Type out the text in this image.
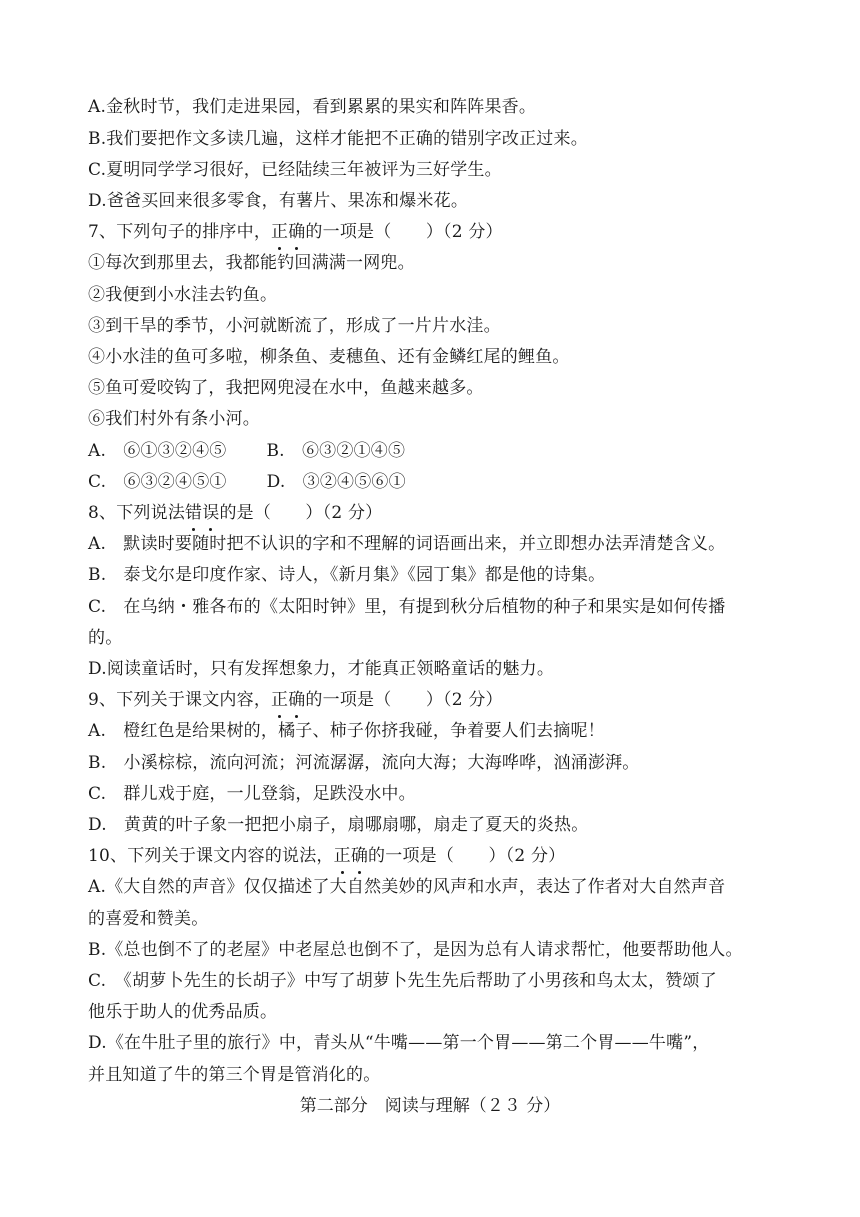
A.金秋时节，我们走进果园，看到累累的果实和阵阵果香。
B.我们要把作文多读几遍，这样才能把不正确的错别字改正过来。
C.夏明同学学习很好，已经陆续三年被评为三好学生。
D.爸爸买回来很多零食，有薯片、果冻和爆米花。
7、下列句子的排序中，正确的一项是（　　）（2 分）
①每次到那里去，我都能钓回满满一网兜。
②我便到小水洼去钓鱼。
③到干旱的季节，小河就断流了，形成了一片片水洼。
④小水洼的鱼可多啦，柳条鱼、麦穗鱼、还有金鳞红尾的鲤鱼。
⑤鱼可爱咬钩了，我把网兜浸在水中，鱼越来越多。
⑥我们村外有条小河。
A.　⑥①③②④⑤　　 B.　⑥③②①④⑤
C.　⑥③②④⑤①　　 D.　③②④⑤⑥①
8、下列说法错误的是（　　）（2 分）
A.　默读时要随时把不认识的字和不理解的词语画出来，并立即想办法弄清楚含义。
B.　泰戈尔是印度作家、诗人，《新月集》《园丁集》都是他的诗集。
C.　在乌纳・雅各布的《太阳时钟》里，有提到秋分后植物的种子和果实是如何传播
的。
D.阅读童话时，只有发挥想象力，才能真正领略童话的魅力。
9、下列关于课文内容，正确的一项是（　　）（2 分）
A.　橙红色是给果树的，橘子、柿子你挤我碰，争着要人们去摘呢！
B.　小溪棕棕，流向河流；河流潺潺，流向大海；大海哗哗，汹涌澎湃。
C.　群儿戏于庭，一儿登翁，足跌没水中。
D.　黄黄的叶子象一把把小扇子，扇哪扇哪，扇走了夏天的炎热。
10、下列关于课文内容的说法，正确的一项是（　　）（2 分）
A.《大自然的声音》仅仅描述了大自然美妙的风声和水声，表达了作者对大自然声音
的喜爱和赞美。
B.《总也倒不了的老屋》中老屋总也倒不了，是因为总有人请求帮忙，他要帮助他人。
C.　《胡萝卜先生的长胡子》中写了胡萝卜先生先后帮助了小男孩和鸟太太，赞颂了
他乐于助人的优秀品质。
D.《在牛肚子里的旅行》中，青头从“牛嘴——第一个胃——第二个胃——牛嘴”，
并且知道了牛的第三个胃是管消化的。
第二部分　阅读与理解（２３ 分）
